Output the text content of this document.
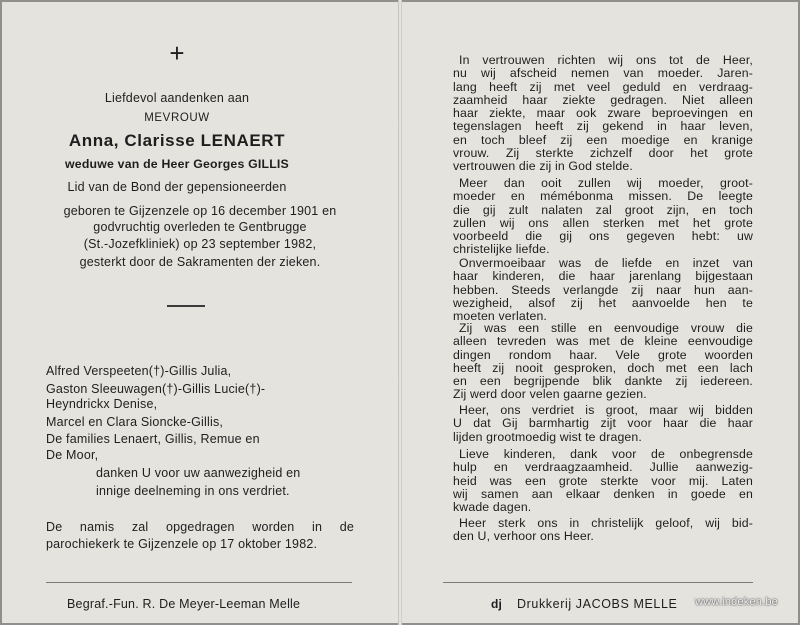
+
Liefdevol aandenken aan
MEVROUW
Anna, Clarisse LENAERT
weduwe van de Heer Georges GILLIS
Lid van de Bond der gepensioneerden
geboren te Gijzenzele op 16 december 1901 en
godvruchtig overleden te Gentbrugge
(St.-Jozefkliniek) op 23 september 1982,
gesterkt door de Sakramenten der zieken.
Alfred Verspeeten(†)-Gillis Julia,
Gaston Sleeuwagen(†)-Gillis Lucie(†)-
Heyndrickx Denise,
Marcel en Clara Sioncke-Gillis,
De families Lenaert, Gillis, Remue en
De Moor,
danken U voor uw aanwezigheid en
innige deelneming in ons verdriet.
De namis zal opgedragen worden in de
parochiekerk te Gijzenzele op 17 oktober 1982.
Begraf.-Fun. R. De Meyer-Leeman Melle
In vertrouwen richten wij ons tot de Heer,
nu wij afscheid nemen van moeder. Jaren-
lang heeft zij met veel geduld en verdraag-
zaamheid haar ziekte gedragen. Niet alleen
haar ziekte, maar ook zware beproevingen en
tegenslagen heeft zij gekend in haar leven,
en toch bleef zij een moedige en kranige
vrouw. Zij sterkte zichzelf door het grote
vertrouwen die zij in God stelde.
Meer dan ooit zullen wij moeder, groot-
moeder en mémébonma missen. De leegte
die gij zult nalaten zal groot zijn, en toch
zullen wij ons allen sterken met het grote
voorbeeld die gij ons gegeven hebt: uw
christelijke liefde.
Onvermoeibaar was de liefde en inzet van
haar kinderen, die haar jarenlang bijgestaan
hebben. Steeds verlangde zij naar hun aan-
wezigheid, alsof zij het aanvoelde hen te
moeten verlaten.
Zij was een stille en eenvoudige vrouw die
alleen tevreden was met de kleine eenvoudige
dingen rondom haar. Vele grote woorden
heeft zij nooit gesproken, doch met een lach
en een begrijpende blik dankte zij iedereen.
Zij werd door velen gaarne gezien.
Heer, ons verdriet is groot, maar wij bidden
U dat Gij barmhartig zijt voor haar die haar
lijden grootmoedig wist te dragen.
Lieve kinderen, dank voor de onbegrensde
hulp en verdraagzaamheid. Jullie aanwezig-
heid was een grote sterkte voor mij. Laten
wij samen aan elkaar denken in goede en
kwade dagen.
Heer sterk ons in christelijk geloof, wij bid-
den U, verhoor ons Heer.
dj Drukkerij JACOBS MELLE www.indeken.be
